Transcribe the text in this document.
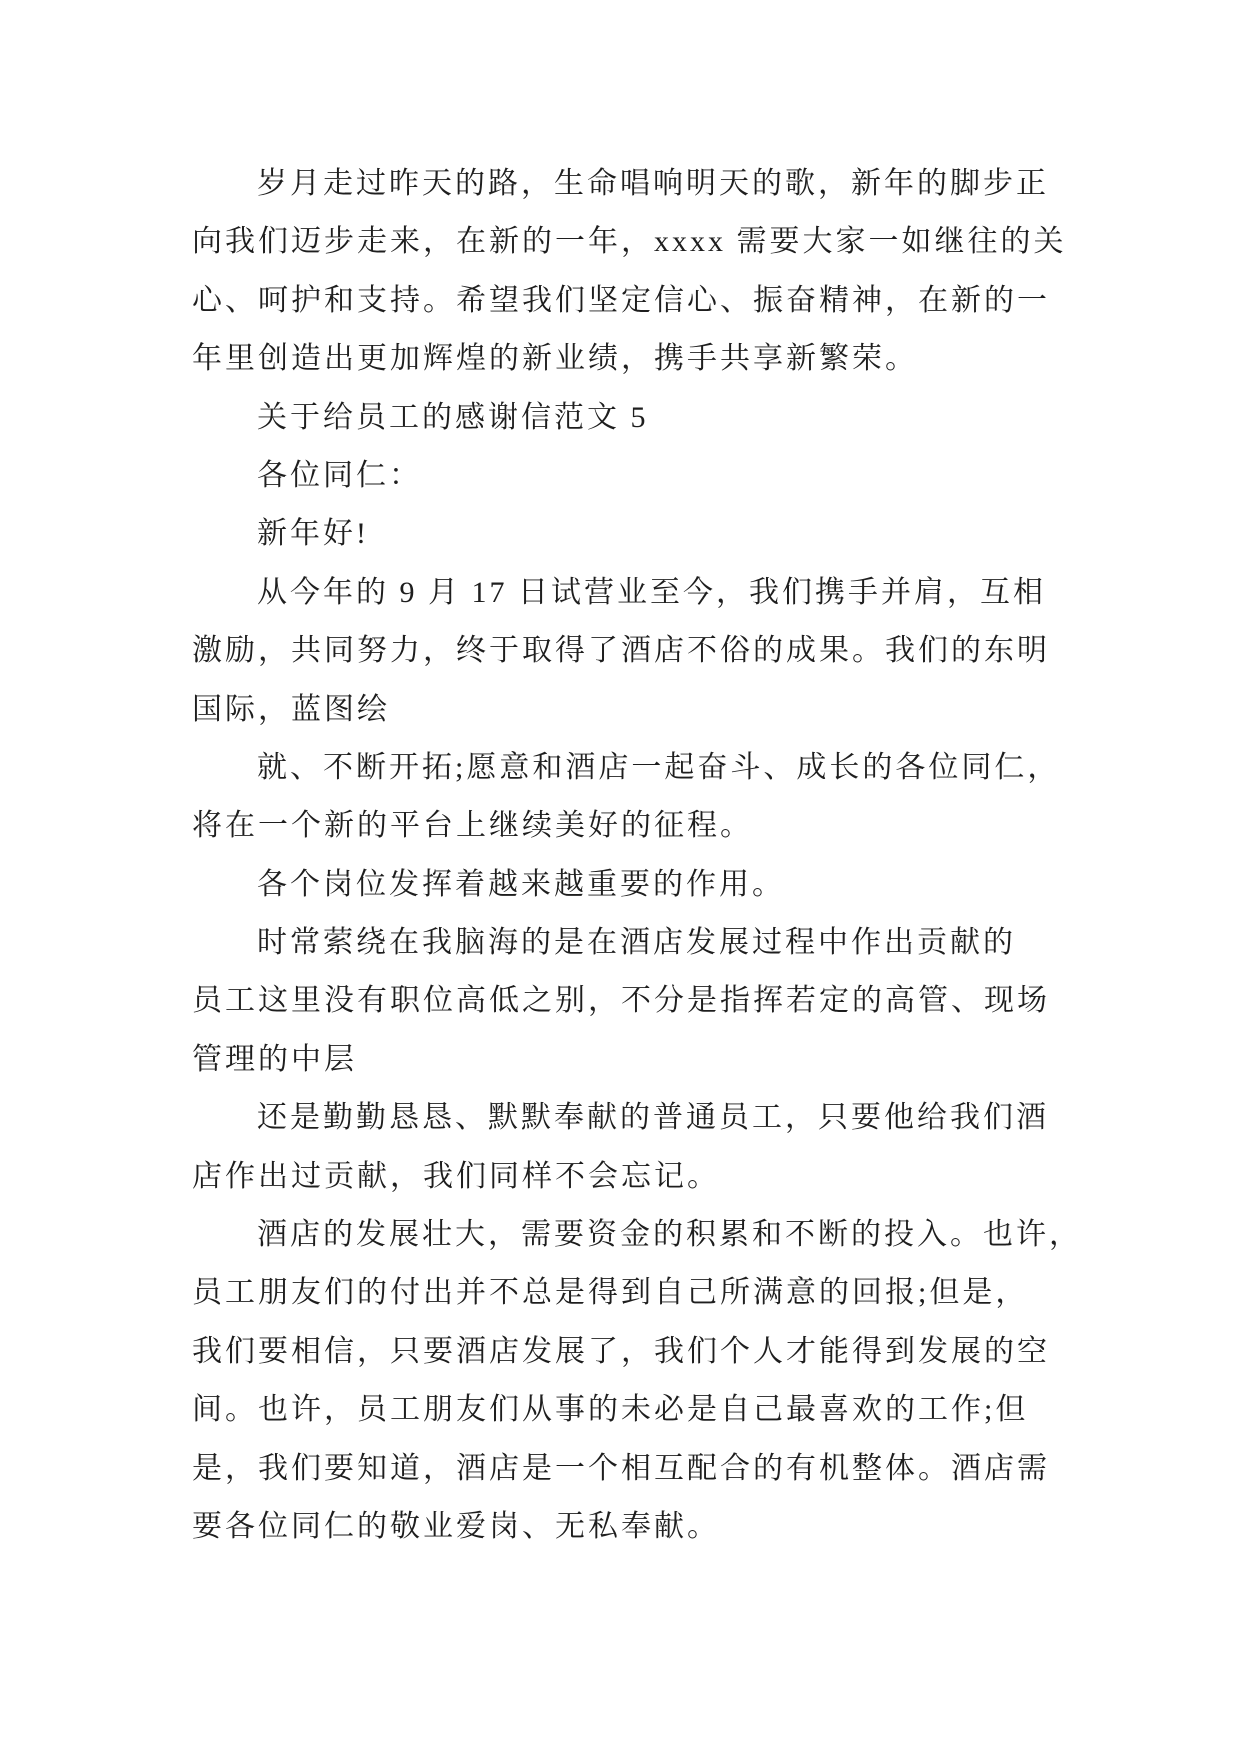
岁月走过昨天的路，生命唱响明天的歌，新年的脚步正
向我们迈步走来，在新的一年，xxxx 需要大家一如继往的关
心、呵护和支持。希望我们坚定信心、振奋精神，在新的一
年里创造出更加辉煌的新业绩，携手共享新繁荣。
关于给员工的感谢信范文 5
各位同仁：
新年好!
从今年的 9 月 17 日试营业至今，我们携手并肩，互相
激励，共同努力，终于取得了酒店不俗的成果。我们的东明
国际，蓝图绘
就、不断开拓;愿意和酒店一起奋斗、成长的各位同仁，
将在一个新的平台上继续美好的征程。
各个岗位发挥着越来越重要的作用。
时常萦绕在我脑海的是在酒店发展过程中作出贡献的
员工这里没有职位高低之别，不分是指挥若定的高管、现场
管理的中层
还是勤勤恳恳、默默奉献的普通员工，只要他给我们酒
店作出过贡献，我们同样不会忘记。
酒店的发展壮大，需要资金的积累和不断的投入。也许，
员工朋友们的付出并不总是得到自己所满意的回报;但是，
我们要相信，只要酒店发展了，我们个人才能得到发展的空
间。也许，员工朋友们从事的未必是自己最喜欢的工作;但
是，我们要知道，酒店是一个相互配合的有机整体。酒店需
要各位同仁的敬业爱岗、无私奉献。
